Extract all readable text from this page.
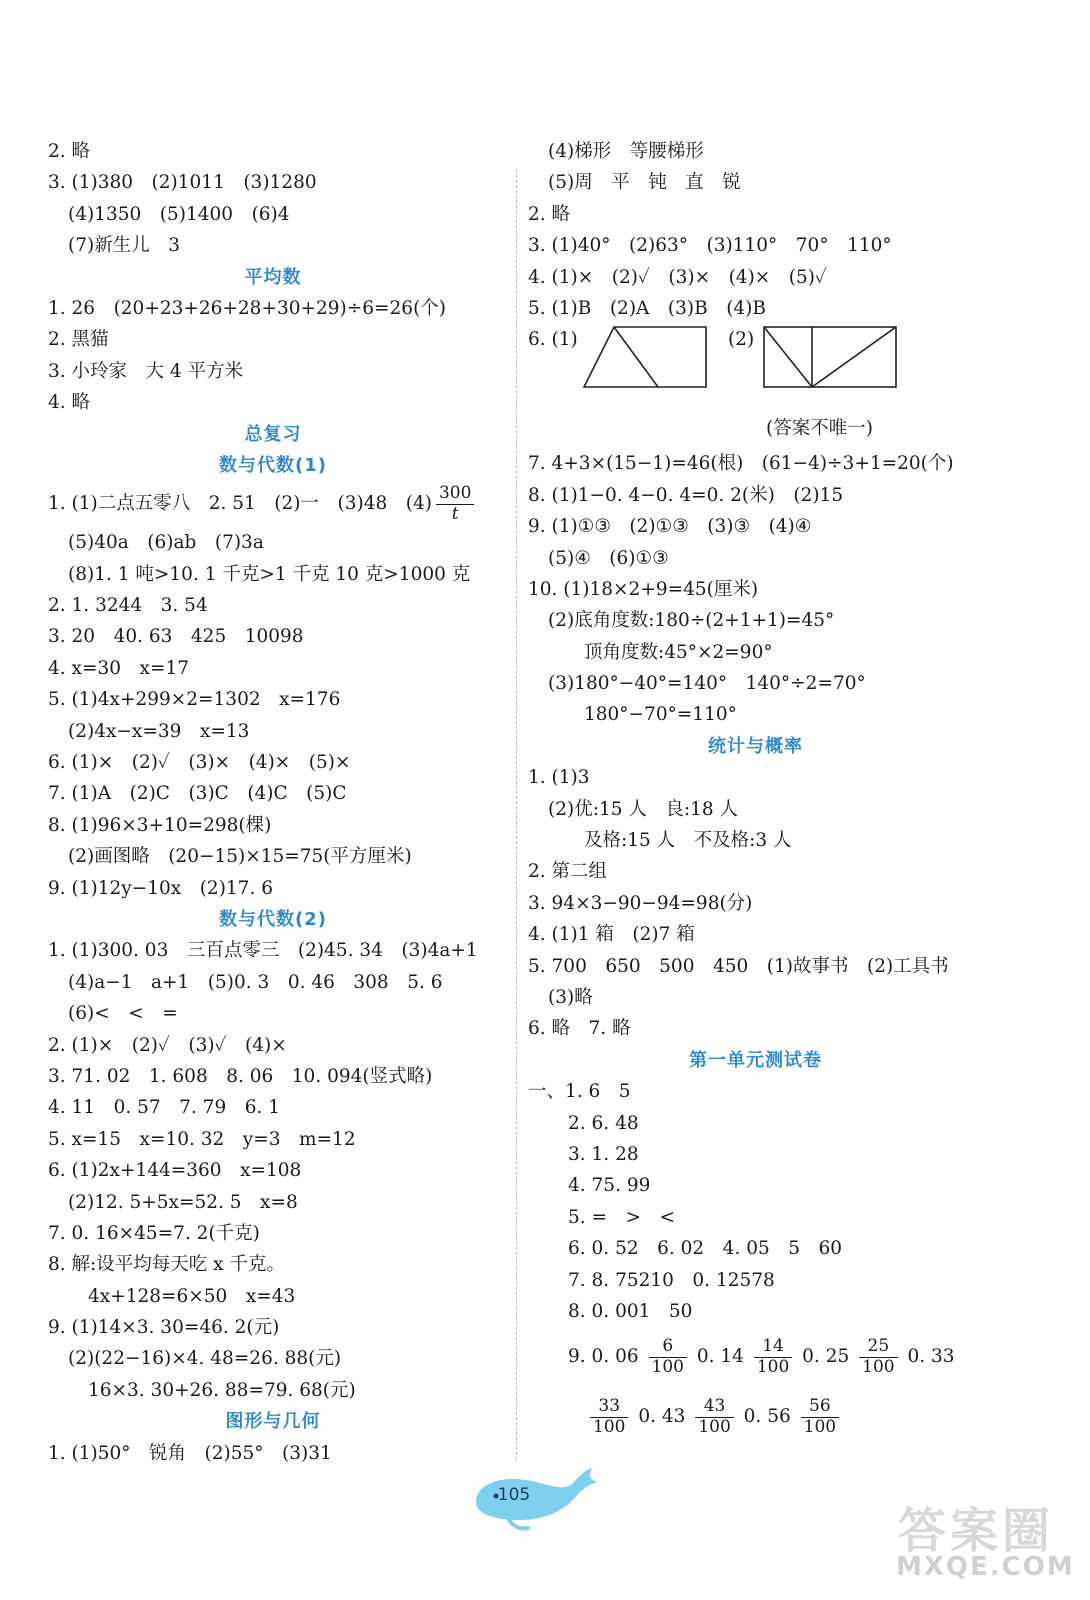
2. 略
3. (1)380　(2)1011　(3)1280
(4)1350　(5)1400　(6)4
(7)新生儿　3
平均数
1. 26　(20+23+26+28+30+29)÷6=26(个)
2. 黑猫
3. 小玲家　大 4 平方米
4. 略
总复习
数与代数(1)
1. (1)二点五零八　2. 51　(2)一　(3)48　$(4) \frac{300}{t}$
(5)40a　(6)ab　(7)3a
(8)1. 1 吨>10. 1 千克>1 千克 10 克>1000 克
2. 1. 3244　3. 54
3. 20　40. 63　425　10098
4. x=30　x=17
5. (1)4x+299×2=1302　x=176
(2)4x−x=39　x=13
6. (1)×　(2)✓　(3)×　(4)×　(5)×
7. (1)A　(2)C　(3)C　(4)C　(5)C
8. (1)96×3+10=298(棵)
(2)画图略　(20−15)×15=75(平方厘米)
9. (1)12y−10x　(2)17. 6
数与代数(2)
1. (1)300. 03　三百点零三　(2)45. 34　(3)4a+1
(4)a−1　a+1　(5)0. 3　0. 46　308　5. 6
(6)<　<　=
2. (1)×　(2)✓　(3)✓　(4)×
3. 71. 02　1. 608　8. 06　10. 094(竖式略)
4. 11　0. 57　7. 79　6. 1
5. x=15　x=10. 32　y=3　m=12
6. (1)2x+144=360　x=108
(2)12. 5+5x=52. 5　x=8
7. 0. 16×45=7. 2(千克)
8. 解:设平均每天吃 x 千克。
4x+128=6×50　x=43
9. (1)14×3. 30=46. 2(元)
(2)(22−16)×4. 48=26. 88(元)
16×3. 30+26. 88=79. 68(元)
图形与几何
1. (1)50°　锐角　(2)55°　(3)31
(4)梯形　等腰梯形
(5)周　平　钝　直　锐
2. 略
3. (1)40°　(2)63°　(3)110°　70°　110°
4. (1)×　(2)✓　(3)×　(4)×　(5)✓
5. (1)B　(2)A　(3)B　(4)B
6. (1)	(2)
(答案不唯一)
7. 4+3×(15−1)=46(根)　(61−4)÷3+1=20(个)
8. (1)1−0. 4−0. 4=0. 2(米)　(2)15
9. (1)①③　(2)①③　(3)③　(4)④
(5)④　(6)①③
10. (1)18×2+9=45(厘米)
(2)底角度数:180÷(2+1+1)=45°
顶角度数:45°×2=90°
(3)180°−40°=140°　140°÷2=70°
180°−70°=110°
统计与概率
1. (1)3
(2)优:15 人　良:18 人
及格:15 人　不及格:3 人
2. 第二组
3. 94×3−90−94=98(分)
4. (1)1 箱　(2)7 箱
5. 700　650　500　450　(1)故事书　(2)工具书
(3)略
6. 略　7. 略
第一单元测试卷
一、1. 6　5
2. 6. 48
3. 1. 28
4. 75. 99
5. =　>　<
6. 0. 52　6. 02　4. 05　5　60
7. 8. 75210　0. 12578
8. 0. 001　50
9. 0. $06 \frac{6}{100} 0$. $14 \frac{14}{100} 0$. $25 \frac{25}{100} 0$. 33
$\frac{33}{100} 0$. $43 \frac{43}{100} 0$. $56 \frac{56}{100}$
105
答案圈
MXQE.COM
